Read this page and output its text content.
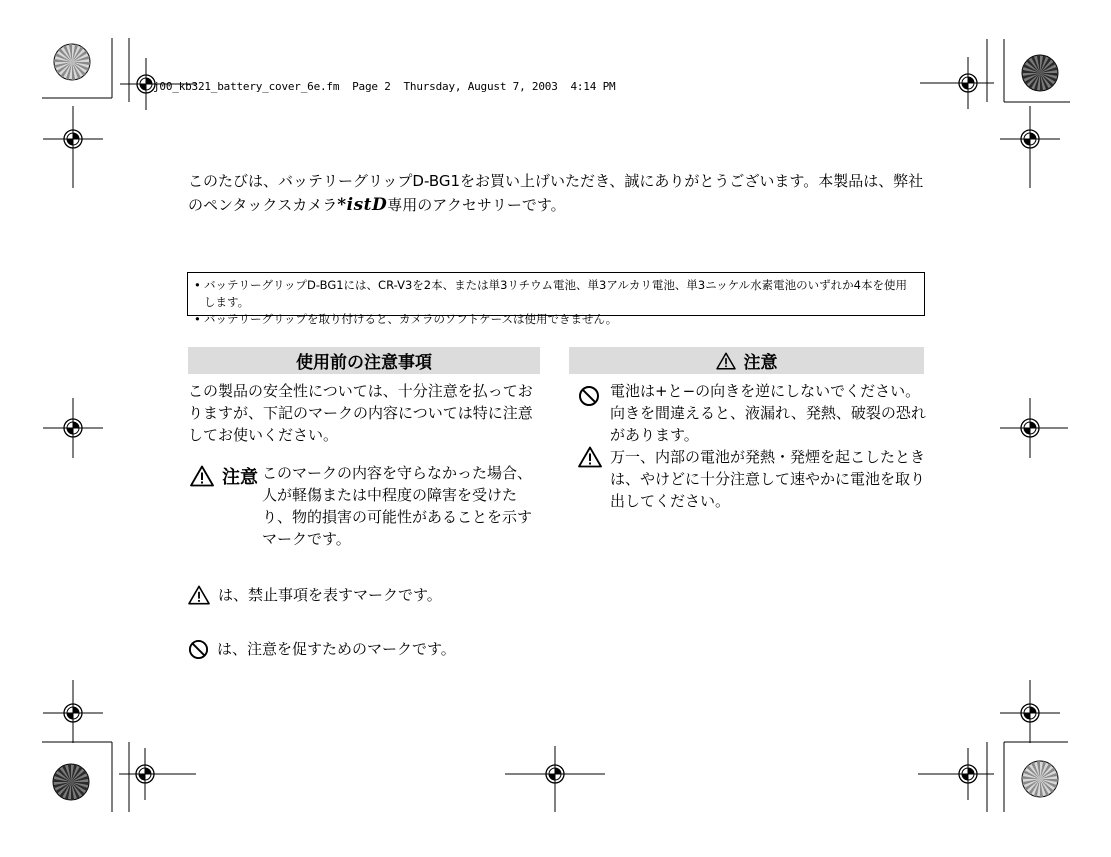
j00_kb321_battery_cover_6e.fm  Page 2  Thursday, August 7, 2003  4:14 PM
このたびは、バッテリーグリップD-BG1をお買い上げいただき、誠にありがとうございます。本製品は、弊社のペンタックスカメラ*istD専用のアクセサリーです。
• バッテリーグリップD-BG1には、CR-V3を2本、または単3リチウム電池、単3アルカリ電池、単3ニッケル水素電池のいずれか4本を使用します。
• バッテリーグリップを取り付けると、カメラのソフトケースは使用できません。
使用前の注意事項
この製品の安全性については、十分注意を払っておりますが、下記のマークの内容については特に注意してお使いください。
注意 このマークの内容を守らなかった場合、人が軽傷または中程度の障害を受けたり、物的損害の可能性があることを示すマークです。
は、禁止事項を表すマークです。
は、注意を促すためのマークです。
注意
電池は+と−の向きを逆にしないでください。向きを間違えると、液漏れ、発熱、破裂の恐れがあります。
万一、内部の電池が発熱・発煙を起こしたときは、やけどに十分注意して速やかに電池を取り出してください。
